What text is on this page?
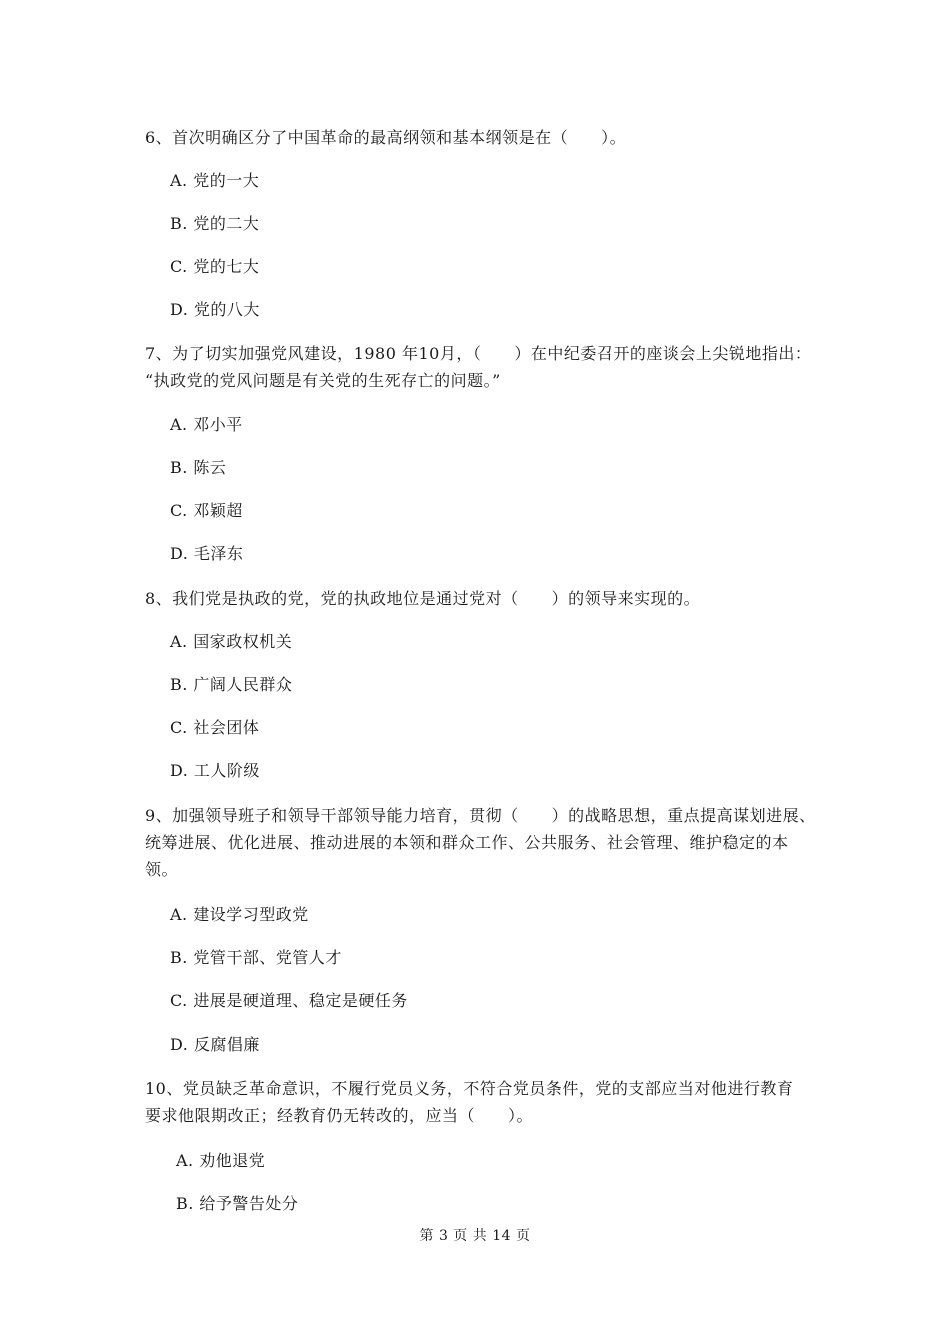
6、首次明确区分了中国革命的最高纲领和基本纲领是在（　　）。
A. 党的一大
B. 党的二大
C. 党的七大
D. 党的八大
7、为了切实加强党风建设，1980 年10月，（　　）在中纪委召开的座谈会上尖锐地指出：
“执政党的党风问题是有关党的生死存亡的问题。”
A. 邓小平
B. 陈云
C. 邓颖超
D. 毛泽东
8、我们党是执政的党，党的执政地位是通过党对（　　）的领导来实现的。
A. 国家政权机关
B. 广阔人民群众
C. 社会团体
D. 工人阶级
9、加强领导班子和领导干部领导能力培育，贯彻（　　）的战略思想，重点提高谋划进展、
统筹进展、优化进展、推动进展的本领和群众工作、公共服务、社会管理、维护稳定的本
领。
A. 建设学习型政党
B. 党管干部、党管人才
C. 进展是硬道理、稳定是硬任务
D. 反腐倡廉
10、党员缺乏革命意识，不履行党员义务，不符合党员条件，党的支部应当对他进行教育
要求他限期改正；经教育仍无转改的，应当（　　）。
A. 劝他退党
B. 给予警告处分
第 3 页 共 14 页
